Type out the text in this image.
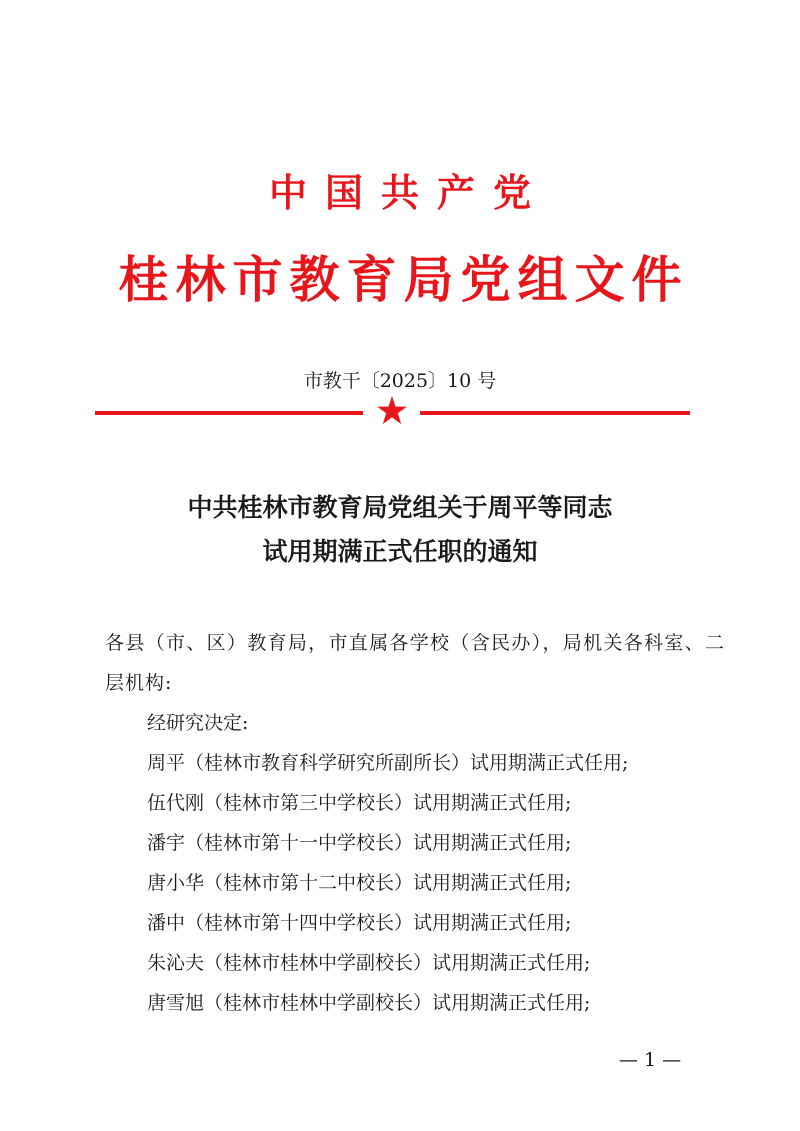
中国共产党
桂林市教育局党组文件
市教干〔2025〕10 号
中共桂林市教育局党组关于周平等同志
试用期满正式任职的通知

各县（市、区）教育局，市直属各学校（含民办），局机关各科室、二层机构:

经研究决定:

周平（桂林市教育科学研究所副所长）试用期满正式任用;

伍代刚（桂林市第三中学校长）试用期满正式任用;

潘宇（桂林市第十一中学校长）试用期满正式任用;

唐小华（桂林市第十二中校长）试用期满正式任用;

潘中（桂林市第十四中学校长）试用期满正式任用;

朱沁夫（桂林市桂林中学副校长）试用期满正式任用;

唐雪旭（桂林市桂林中学副校长）试用期满正式任用;

— 1 —
